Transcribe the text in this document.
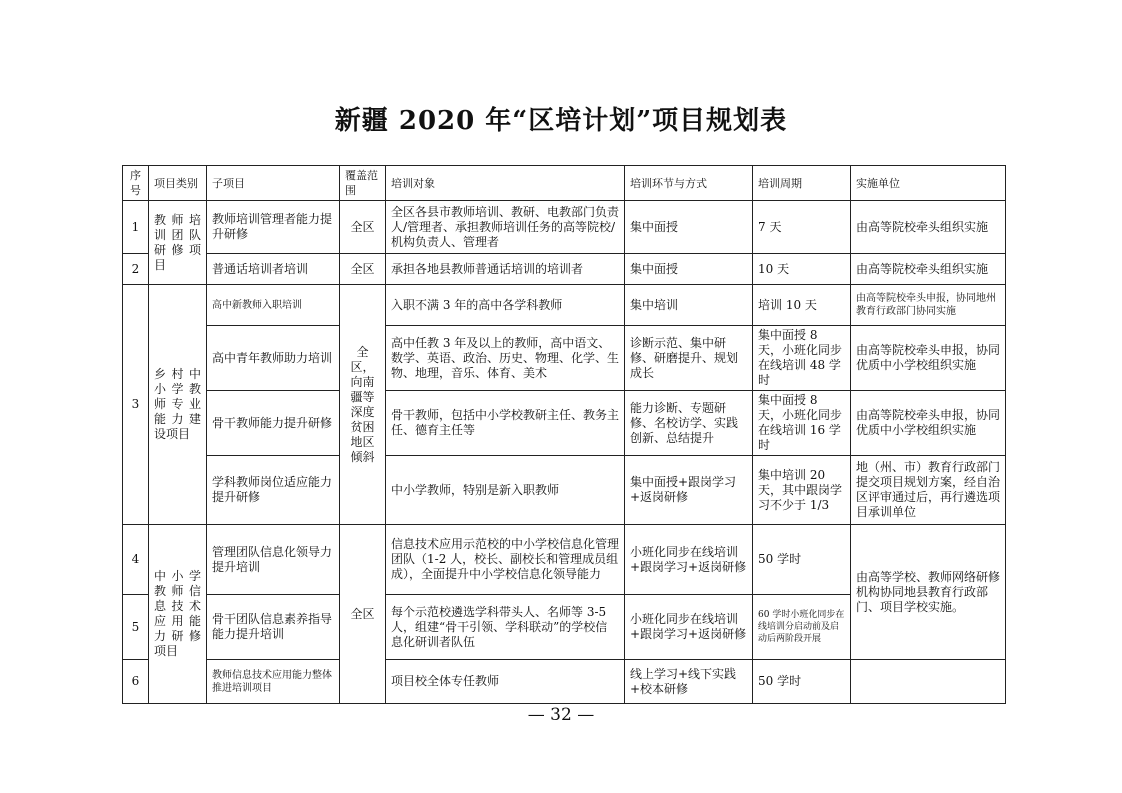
新疆 2020 年“区培计划”项目规划表
序号	项目类别	子项目	覆盖范围	培训对象	培训环节与方式	培训周期	实施单位
1	教师培训团队研修项目	教师培训管理者能力提升研修	全区	全区各县市教师培训、教研、电教部门负责人/管理者、承担教师培训任务的高等院校/机构负责人、管理者	集中面授	7 天	由高等院校牵头组织实施
2		普通话培训者培训	全区	承担各地县教师普通话培训的培训者	集中面授	10 天	由高等院校牵头组织实施
3	乡村中小学教师专业能力建设项目	高中新教师入职培训	全区，向南疆等深度贫困地区倾斜	入职不满 3 年的高中各学科教师	集中培训	培训 10 天	由高等院校牵头申报，协同地州教育行政部门协同实施
		高中青年教师助力培训		高中任教 3 年及以上的教师，高中语文、数学、英语、政治、历史、物理、化学、生物、地理，音乐、体育、美术	诊断示范、集中研修、研磨提升、规划成长	集中面授 8 天，小班化同步在线培训 48 学时	由高等院校牵头申报，协同优质中小学校组织实施
		骨干教师能力提升研修		骨干教师，包括中小学校教研主任、教务主任、德育主任等	能力诊断、专题研修、名校访学、实践创新、总结提升	集中面授 8 天，小班化同步在线培训 16 学时	由高等院校牵头申报，协同优质中小学校组织实施
		学科教师岗位适应能力提升研修		中小学教师，特别是新入职教师	集中面授+跟岗学习+返岗研修	集中培训 20 天，其中跟岗学习不少于 1/3	地（州、市）教育行政部门提交项目规划方案，经自治区评审通过后，再行遴选项目承训单位
4	中小学教师信息技术应用能力研修项目	管理团队信息化领导力提升培训	全区	信息技术应用示范校的中小学校信息化管理团队（1-2 人，校长、副校长和管理成员组成），全面提升中小学校信息化领导能力	小班化同步在线培训+跟岗学习+返岗研修	50 学时	由高等学校、教师网络研修机构协同地县教育行政部门、项目学校实施。
5		骨干团队信息素养指导能力提升培训		每个示范校遴选学科带头人、名师等 3-5 人，组建“骨干引领、学科联动”的学校信息化研训者队伍	小班化同步在线培训+跟岗学习+返岗研修	60 学时小班化同步在线培训分启动前及启动后两阶段开展	
6		教师信息技术应用能力整体推进培训项目		项目校全体专任教师	线上学习+线下实践+校本研修	50 学时	
— 32 —
